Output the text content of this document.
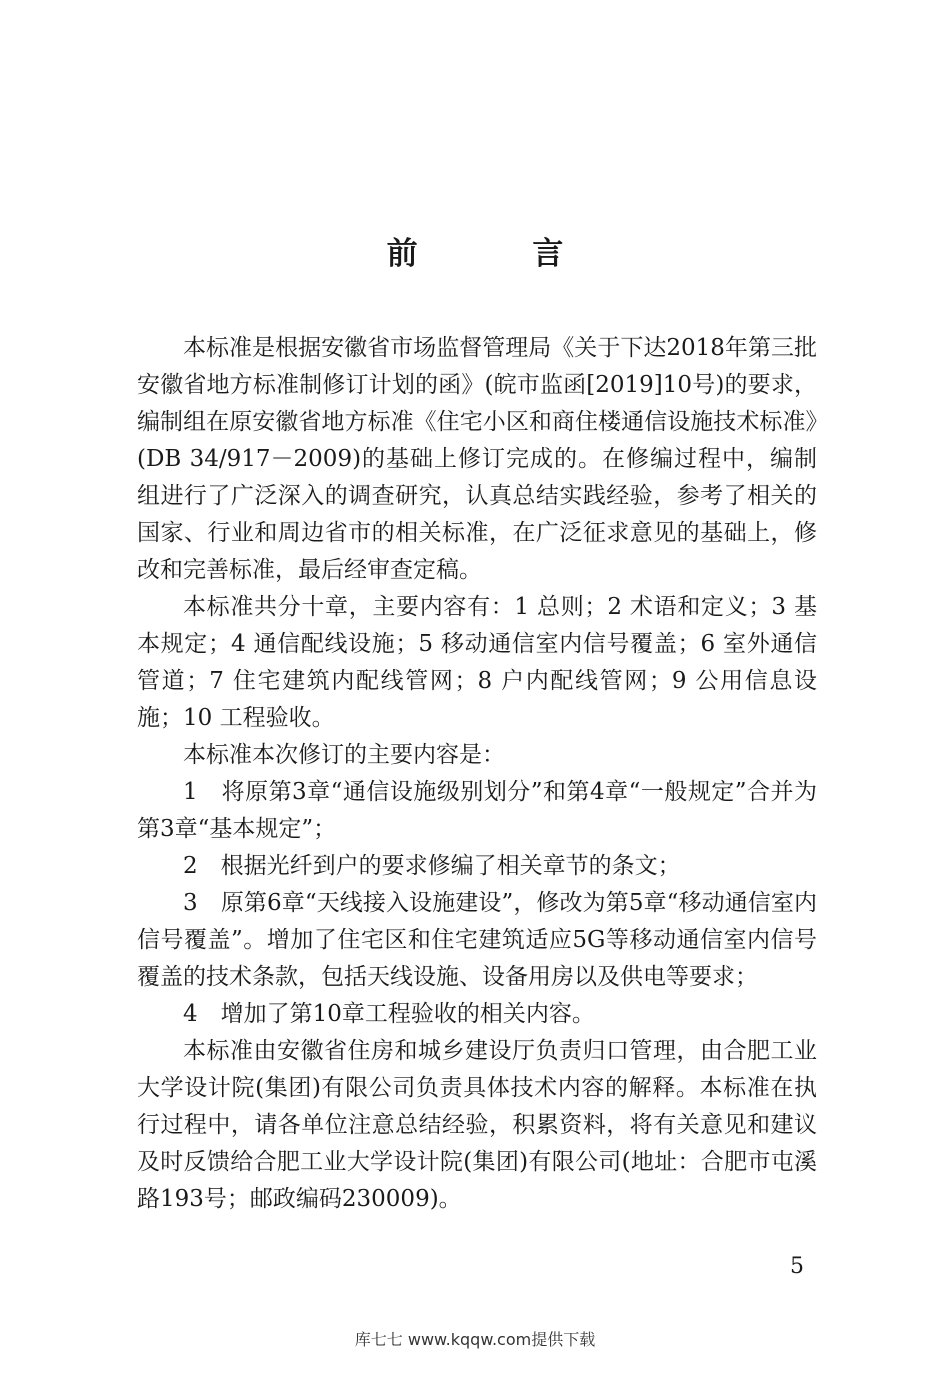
前 言

本标准是根据安徽省市场监督管理局《关于下达2018年第三批安徽省地方标准制修订计划的函》(皖市监函[2019]10号)的要求，编制组在原安徽省地方标准《住宅小区和商住楼通信设施技术标准》(DB 34/917－2009)的基础上修订完成的。在修编过程中，编制组进行了广泛深入的调查研究，认真总结实践经验，参考了相关的国家、行业和周边省市的相关标准，在广泛征求意见的基础上，修改和完善标准，最后经审查定稿。

本标准共分十章，主要内容有：1 总则；2 术语和定义；3 基本规定；4 通信配线设施；5 移动通信室内信号覆盖；6 室外通信管道；7 住宅建筑内配线管网；8 户内配线管网；9 公用信息设施；10 工程验收。

本标准本次修订的主要内容是：

1　将原第3章“通信设施级别划分”和第4章“一般规定”合并为第3章“基本规定”；

2　根据光纤到户的要求修编了相关章节的条文；

3　原第6章“天线接入设施建设”，修改为第5章“移动通信室内信号覆盖”。增加了住宅区和住宅建筑适应5G等移动通信室内信号覆盖的技术条款，包括天线设施、设备用房以及供电等要求；

4　增加了第10章工程验收的相关内容。

本标准由安徽省住房和城乡建设厅负责归口管理，由合肥工业大学设计院(集团)有限公司负责具体技术内容的解释。本标准在执行过程中，请各单位注意总结经验，积累资料，将有关意见和建议及时反馈给合肥工业大学设计院(集团)有限公司(地址：合肥市屯溪路193号；邮政编码230009)。

5
库七七 www.kqqw.com提供下载
